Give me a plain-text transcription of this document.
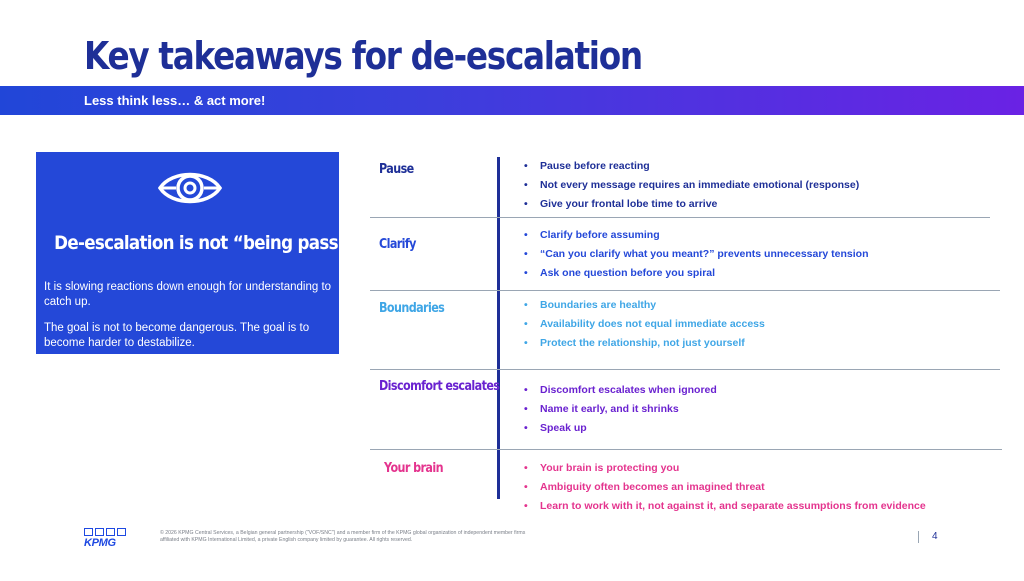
Key takeaways for de-escalation
Less think less… & act more!
De-escalation is not “being passive”
It is slowing reactions down enough for understanding to catch up.
The goal is not to become dangerous. The goal is to become harder to destabilize.
Pause	• Pause before reacting
• Not every message requires an immediate emotional (response)
• Give your frontal lobe time to arrive
Clarify
• Clarify before assuming
• “Can you clarify what you meant?” prevents unnecessary tension
• Ask one question before you spiral
Boundaries	• Boundaries are healthy
• Availability does not equal immediate access
• Protect the relationship, not just yourself
Discomfort escalates	• Discomfort escalates when ignored
• Name it early, and it shrinks
• Speak up
Your brain	• Your brain is protecting you
• Ambiguity often becomes an imagined threat
• Learn to work with it, not against it, and separate assumptions from evidence
KPMG
© 2026 KPMG Central Services, a Belgian general partnership ("VOF/SNC") and a member firm of the KPMG global organization of independent member firms affiliated with KPMG International Limited, a private English company limited by guarantee. All rights reserved.	4
